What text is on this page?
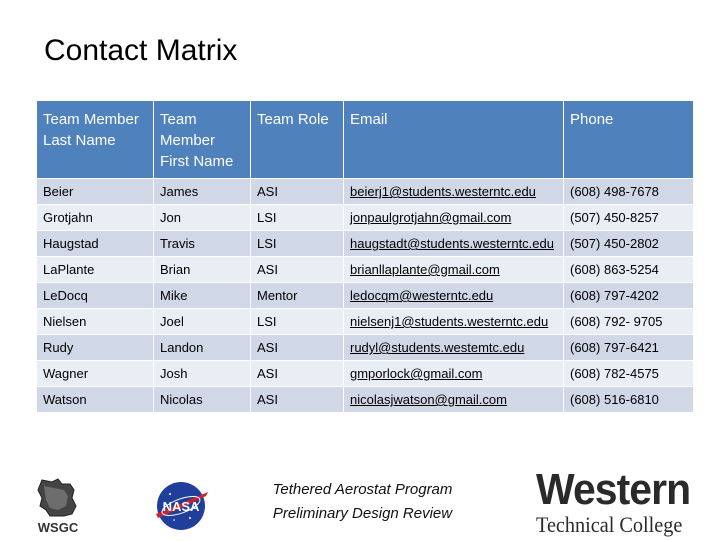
Contact Matrix
Team Member Last Name	Team Member First Name	Team Role	Email	Phone
Beier	James	ASI	beierj1@students.westerntc.edu	(608) 498-7678
Grotjahn	Jon	LSI	jonpaulgrotjahn@gmail.com	(507) 450-8257
Haugstad	Travis	LSI	haugstadt@students.westerntc.edu	(507) 450-2802
LaPlante	Brian	ASI	brianllaplante@gmail.com	(608) 863-5254
LeDocq	Mike	Mentor	ledocqm@westerntc.edu	(608) 797-4202
Nielsen	Joel	LSI	nielsenj1@students.westerntc.edu	(608) 792- 9705
Rudy	Landon	ASI	rudyl@students.westemtc.edu	(608) 797-6421
Wagner	Josh	ASI	gmporlock@gmail.com	(608) 782-4575
Watson	Nicolas	ASI	nicolasjwatson@gmail.com	(608) 516-6810
WSGC
NASA
Tethered Aerostat Program
Preliminary Design Review	Western
Technical College
